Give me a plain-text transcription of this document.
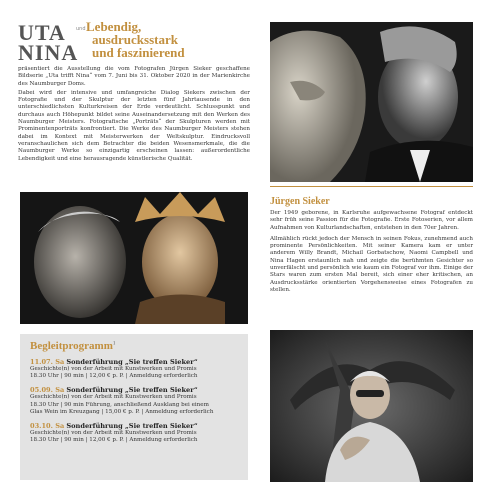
UTA und
NINA
Lebendig,
ausdrucksstark
und faszinierend

präsentiert die Ausstellung die vom Fotografen Jürgen Sieker geschaffene Bildserie „Uta trifft Nina“ vom 7. Juni bis 31. Oktober 2020 in der Marienkirche des Naumburger Doms.

Dabei wird der intensive und umfangreiche Dialog Siekers zwischen der Fotografie und der Skulptur der letzten fünf Jahrtausende in den unterschiedlichsten Kulturkreisen der Erde verdeutlicht. Schlusspunkt und durchaus auch Höhepunkt bildet seine Auseinandersetzung mit den Werken des Naumburger Meisters. Fotografische „Porträts“ der Skulpturen werden mit Prominentenporträts konfrontiert. Die Werke des Naumburger Meisters stehen dabei im Kontext mit Meisterwerken der Weltskulptur. Eindrucksvoll veranschaulichen sich dem Betrachter die beiden Wesensmerkmale, die die Naumburger Werke so einzigartig erscheinen lassen: außerordentliche Lebendigkeit und eine herausragende künstlerische Qualität.

Jürgen Sieker

Der 1949 geborene, in Karlsruhe aufgewachsene Fotograf entdeckt sehr früh seine Passion für die Fotografie. Erste Fotoserien, vor allem Aufnahmen von Kulturlandschaften, entstehen in den 70er Jahren.

Allmählich rückt jedoch der Mensch in seinen Fokus, zunehmend auch prominente Persönlichkeiten. Mit seiner Kamera kam er unter anderem Willy Brandt, Michail Gorbatschow, Naomi Campbell und Nina Hagen erstaunlich nah und zeigte die berühmten Gesichter so unverfälscht und persönlich wie kaum ein Fotograf vor ihm. Einige der Stars waren zum ersten Mal bereit, sich einer eher kritischen, an Ausdrucksstärke orientierten Vorgehensweise eines Fotografen zu stellen.

Begleitprogramm$^1$
11.07. Sa Sonderführung „Sie treffen Sieker“
Geschichte(n) von der Arbeit mit Kunstwerken und Promis
18.30 Uhr | 90 min | 12,00 € p. P. | Anmeldung erforderlich
05.09. Sa Sonderführung „Sie treffen Sieker“
Geschichte(n) von der Arbeit mit Kunstwerken und Promis
18.30 Uhr | 90 min Führung, anschließend Ausklang bei einem
Glas Wein im Kreuzgang | 15,00 € p. P. | Anmeldung erforderlich
03.10. Sa Sonderführung „Sie treffen Sieker“
Geschichte(n) von der Arbeit mit Kunstwerken und Promis
18.30 Uhr | 90 min | 12,00 € p. P. | Anmeldung erforderlich
